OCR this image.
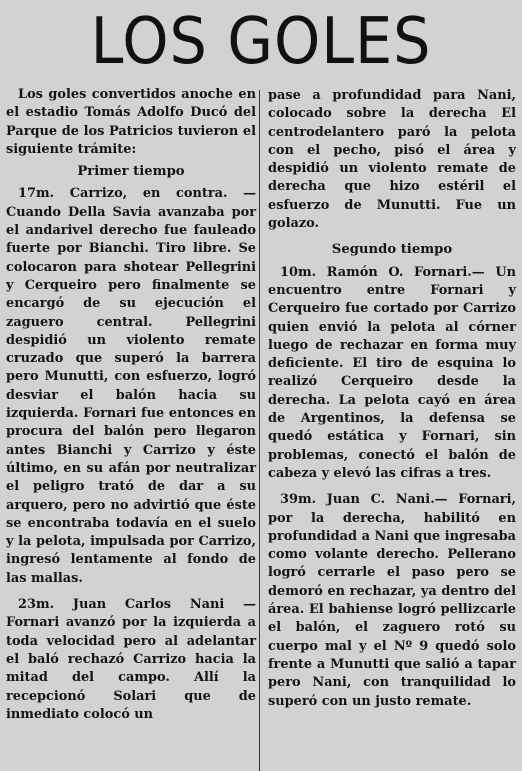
LOS GOLES

Los goles convertidos anoche en el estadio Tomás Adolfo Ducó del Parque de los Patricios tuvieron el siguiente trámite:

Primer tiempo

17m. Carrizo, en contra. — Cuando Della Savia avanzaba por el andarivel derecho fue fauleado fuerte por Bianchi. Tiro libre. Se colocaron para shotear Pellegrini y Cerqueiro pero finalmente se encargó de su ejecución el zaguero central. Pellegrini despidió un violento remate cruzado que superó la barrera pero Munutti, con esfuerzo, logró desviar el balón hacia su izquierda. Fornari fue entonces en procura del balón pero llegaron antes Bianchi y Carrizo y éste último, en su afán por neutralizar el peligro trató de dar a su arquero, pero no advirtió que éste se encontraba todavía en el suelo y la pelota, impulsada por Carrizo, ingresó lentamente al fondo de las mallas.

23m. Juan Carlos Nani — Fornari avanzó por la izquierda a toda velocidad pero al adelantar el baló rechazó Carrizo hacia la mitad del campo. Allí la recepcionó Solari que de inmediato colocó un

pase a profundidad para Nani, colocado sobre la derecha El centrodelantero paró la pelota con el pecho, pisó el área y despidió un violento remate de derecha que hizo estéril el esfuerzo de Munutti. Fue un golazo.

Segundo tiempo

10m. Ramón O. Fornari.— Un encuentro entre Fornari y Cerqueiro fue cortado por Carrizo quien envió la pelota al córner luego de rechazar en forma muy deficiente. El tiro de esquina lo realizó Cerqueiro desde la derecha. La pelota cayó en área de Argentinos, la defensa se quedó estática y Fornari, sin problemas, conectó el balón de cabeza y elevó las cifras a tres.

39m. Juan C. Nani.— Fornari, por la derecha, habilitó en profundidad a Nani que ingresaba como volante derecho. Pellerano logró cerrarle el paso pero se demoró en rechazar, ya dentro del área. El bahiense logró pellizcarle el balón, el zaguero rotó su cuerpo mal y el Nº 9 quedó solo frente a Munutti que salió a tapar pero Nani, con tranquilidad lo superó con un justo remate.
